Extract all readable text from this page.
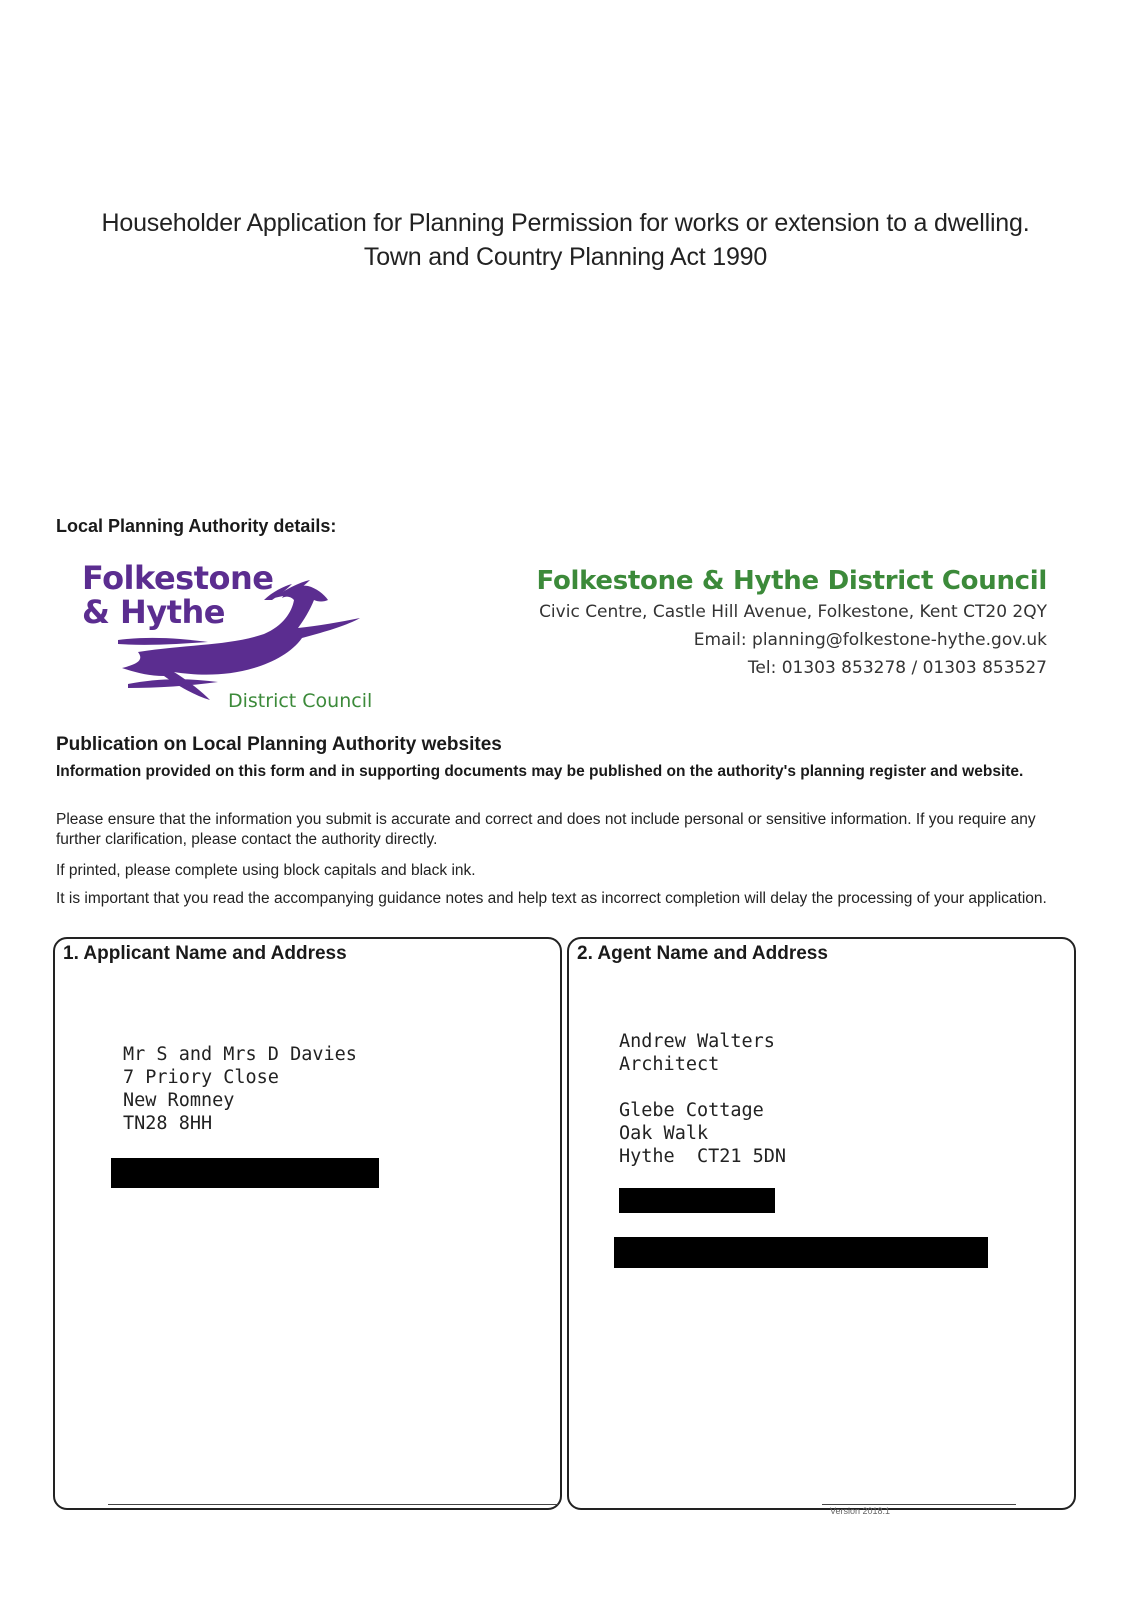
Householder Application for Planning Permission for works or extension to a dwelling.
Town and Country Planning Act 1990
Local Planning Authority details:
Folkestone
& Hythe
District Council
Folkestone & Hythe District Council
Civic Centre, Castle Hill Avenue, Folkestone, Kent CT20 2QY
Email: planning@folkestone-hythe.gov.uk
Tel: 01303 853278 / 01303 853527
Publication on Local Planning Authority websites
Information provided on this form and in supporting documents may be published on the authority's planning register and website.
Please ensure that the information you submit is accurate and correct and does not include personal or sensitive information. If you require any further clarification, please contact the authority directly.
If printed, please complete using block capitals and black ink.
It is important that you read the accompanying guidance notes and help text as incorrect completion will delay the processing of your application.
1. Applicant Name and Address
Mr S and Mrs D Davies
7 Priory Close
New Romney
TN28 8HH
2. Agent Name and Address
Andrew Walters
Architect

Glebe Cottage
Oak Walk
Hythe  CT21 5DN
Version 2018.1
